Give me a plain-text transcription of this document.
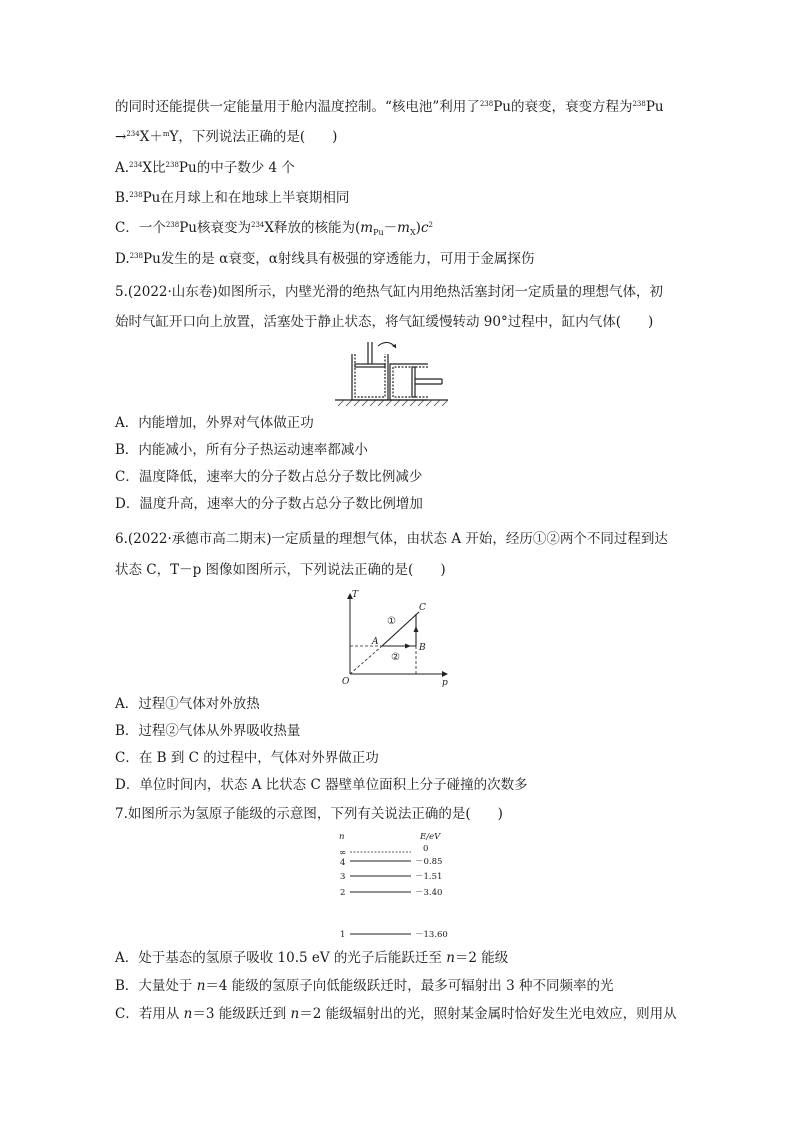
的同时还能提供一定能量用于舱内温度控制。“核电池”利用了$^{238}$Pu的衰变，衰变方程为$^{238}$Pu
→$^{234}$X＋$^m$Y，下列说法正确的是(　　)
A.$^{234}$X比$^{238}$Pu的中子数少 4 个
B.$^{238}$Pu在月球上和在地球上半衰期相同
C．一个$^{238}$Pu核衰变为$^{234}$X释放的核能为$(m_{Pu}-m_X)c^2$
D.$^{238}$Pu发生的是 α衰变，α射线具有极强的穿透能力，可用于金属探伤
5.(2022·山东卷)如图所示，内壁光滑的绝热气缸内用绝热活塞封闭一定质量的理想气体，初
始时气缸开口向上放置，活塞处于静止状态，将气缸缓慢转动 90°过程中，缸内气体(　　)
A．内能增加，外界对气体做正功
B．内能减小，所有分子热运动速率都减小
C．温度降低，速率大的分子数占总分子数比例减少
D．温度升高，速率大的分子数占总分子数比例增加
6.(2022·承德市高二期末)一定质量的理想气体，由状态 A 开始，经历①②两个不同过程到达
状态 C，T－p 图像如图所示，下列说法正确的是(　　)
T
p
O
A
B
C
①
②
A．过程①气体对外放热
B．过程②气体从外界吸收热量
C．在 B 到 C 的过程中，气体对外界做正功
D．单位时间内，状态 A 比状态 C 器壁单位面积上分子碰撞的次数多
7.如图所示为氢原子能级的示意图，下列有关说法正确的是(　　)
n	E/eV
∞	0
4	－0.85
3	－1.51
2	－3.40
1	－13.60
A．处于基态的氢原子吸收 10.5 eV 的光子后能跃迁至 n＝2 能级
B．大量处于 n＝4 能级的氢原子向低能级跃迁时，最多可辐射出 3 种不同频率的光
C．若用从 n＝3 能级跃迁到 n＝2 能级辐射出的光，照射某金属时恰好发生光电效应，则用从
